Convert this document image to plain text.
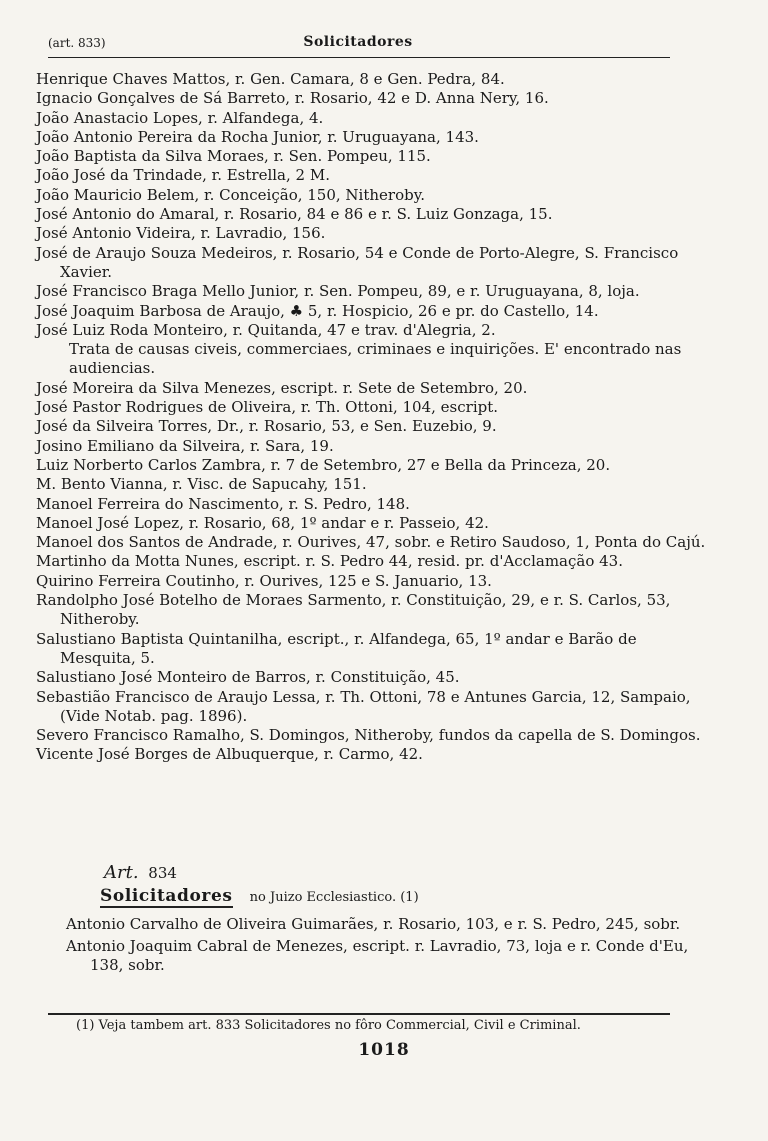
(art. 833)	Solicitadores
Henrique Chaves Mattos, r. Gen. Camara, 8 e Gen. Pedra, 84.
Ignacio Gonçalves de Sá Barreto, r. Rosario, 42 e D. Anna Nery, 16.
João Anastacio Lopes, r. Alfandega, 4.
João Antonio Pereira da Rocha Junior, r. Uruguayana, 143.
João Baptista da Silva Moraes, r. Sen. Pompeu, 115.
João José da Trindade, r. Estrella, 2 M.
João Mauricio Belem, r. Conceição, 150, Nitheroby.
José Antonio do Amaral, r. Rosario, 84 e 86 e r. S. Luiz Gonzaga, 15.
José Antonio Videira, r. Lavradio, 156.
José de Araujo Souza Medeiros, r. Rosario, 54 e Conde de Porto-Alegre, S. Francisco Xavier.
José Francisco Braga Mello Junior, r. Sen. Pompeu, 89, e r. Uruguayana, 8, loja.
José Joaquim Barbosa de Araujo, ♣ 5, r. Hospicio, 26 e pr. do Castello, 14.
José Luiz Roda Monteiro, r. Quitanda, 47 e trav. d'Alegria, 2.
Trata de causas civeis, commerciaes, criminaes e inquirições. E' encontrado nas audiencias.
José Moreira da Silva Menezes, escript. r. Sete de Setembro, 20.
José Pastor Rodrigues de Oliveira, r. Th. Ottoni, 104, escript.
José da Silveira Torres, Dr., r. Rosario, 53, e Sen. Euzebio, 9.
Josino Emiliano da Silveira, r. Sara, 19.
Luiz Norberto Carlos Zambra, r. 7 de Setembro, 27 e Bella da Princeza, 20.
M. Bento Vianna, r. Visc. de Sapucahy, 151.
Manoel Ferreira do Nascimento, r. S. Pedro, 148.
Manoel José Lopez, r. Rosario, 68, 1º andar e r. Passeio, 42.
Manoel dos Santos de Andrade, r. Ourives, 47, sobr. e Retiro Saudoso, 1, Ponta do Cajú.
Martinho da Motta Nunes, escript. r. S. Pedro 44, resid. pr. d'Acclamação 43.
Quirino Ferreira Coutinho, r. Ourives, 125 e S. Januario, 13.
Randolpho José Botelho de Moraes Sarmento, r. Constituição, 29, e r. S. Carlos, 53, Nitheroby.
Salustiano Baptista Quintanilha, escript., r. Alfandega, 65, 1º andar e Barão de Mesquita, 5.
Salustiano José Monteiro de Barros, r. Constituição, 45.
Sebastião Francisco de Araujo Lessa, r. Th. Ottoni, 78 e Antunes Garcia, 12, Sampaio, (Vide Notab. pag. 1896).
Severo Francisco Ramalho, S. Domingos, Nitheroby, fundos da capella de S. Domingos.
Vicente José Borges de Albuquerque, r. Carmo, 42.
Art. 834
Solicitadores no Juizo Ecclesiastico. (1)
Antonio Carvalho de Oliveira Guimarães, r. Rosario, 103, e r. S. Pedro, 245, sobr.
Antonio Joaquim Cabral de Menezes, escript. r. Lavradio, 73, loja e r. Conde d'Eu, 138, sobr.
(1) Veja tambem art. 833 Solicitadores no fôro Commercial, Civil e Criminal.
1018
